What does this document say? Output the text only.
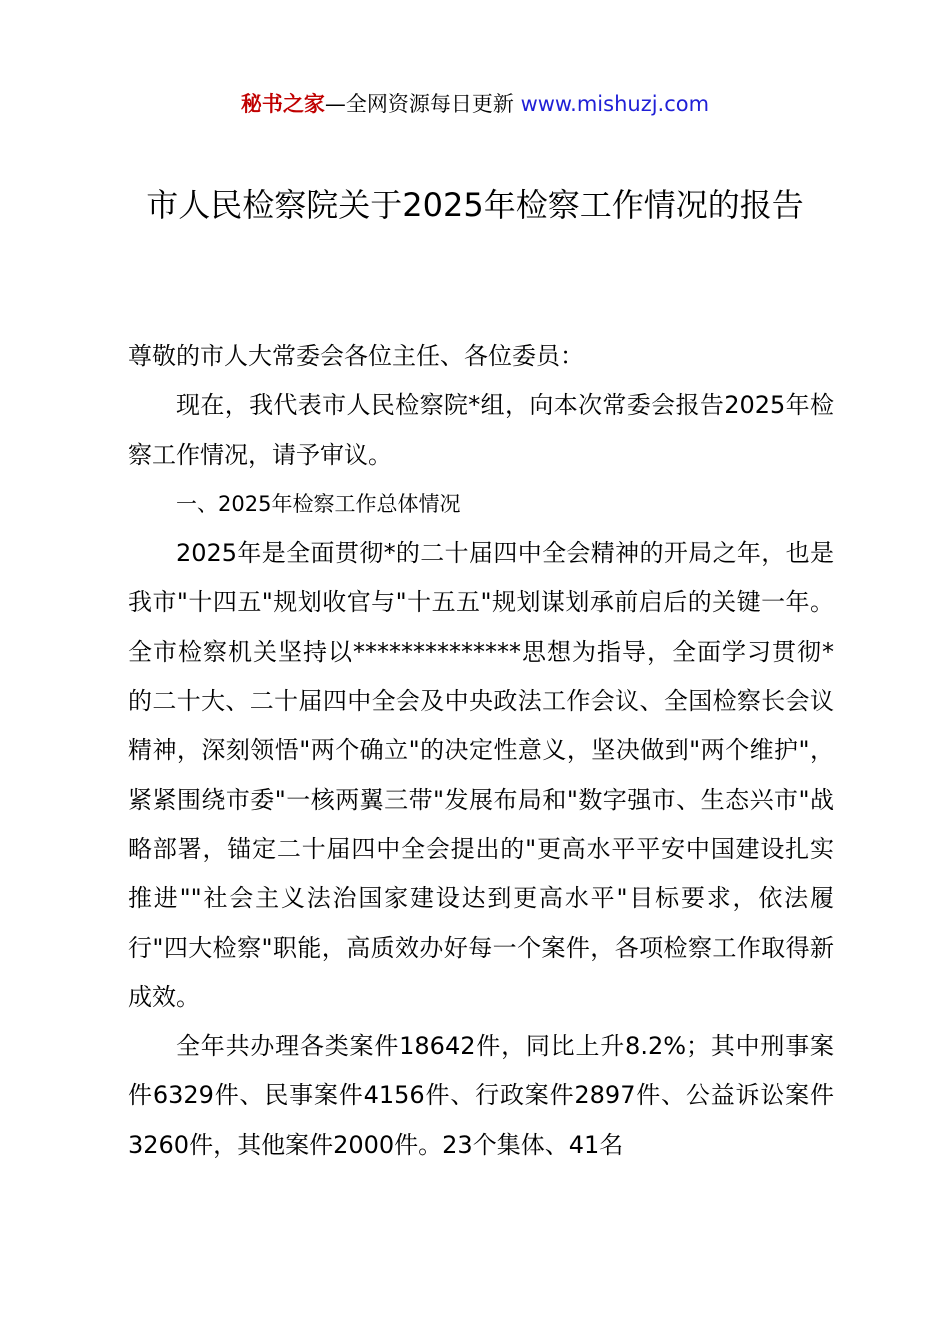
秘书之家—全网资源每日更新 www.mishuzj.com
市人民检察院关于2025年检察工作情况的报告

尊敬的市人大常委会各位主任、各位委员：

现在，我代表市人民检察院*组，向本次常委会报告2025年检察工作情况，请予审议。

一、2025年检察工作总体情况

2025年是全面贯彻*的二十届四中全会精神的开局之年，也是我市"十四五"规划收官与"十五五"规划谋划承前启后的关键一年。全市检察机关坚持以**************思想为指导，全面学习贯彻*的二十大、二十届四中全会及中央政法工作会议、全国检察长会议精神，深刻领悟"两个确立"的决定性意义，坚决做到"两个维护"，紧紧围绕市委"一核两翼三带"发展布局和"数字强市、生态兴市"战略部署，锚定二十届四中全会提出的"更高水平平安中国建设扎实推进""社会主义法治国家建设达到更高水平"目标要求，依法履行"四大检察"职能，高质效办好每一个案件，各项检察工作取得新成效。

全年共办理各类案件18642件，同比上升8.2%；其中刑事案件6329件、民事案件4156件、行政案件2897件、公益诉讼案件3260件，其他案件2000件。23个集体、41名
